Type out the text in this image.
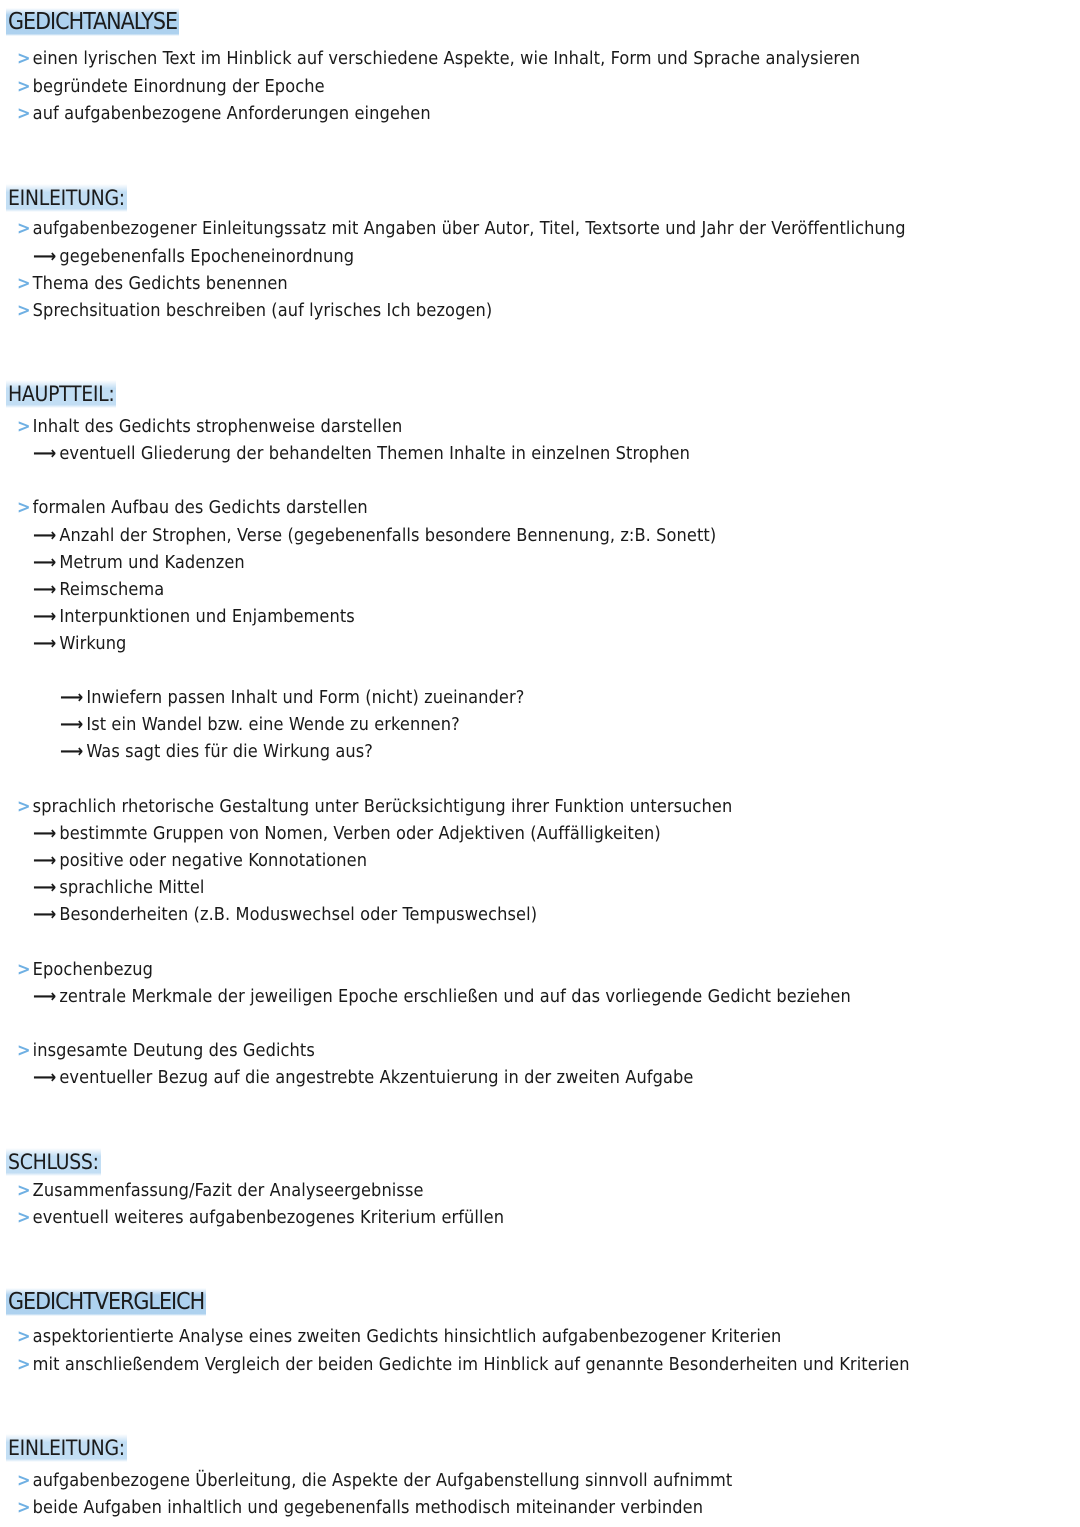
GEDICHTANALYSE
> einen lyrischen Text im Hinblick auf verschiedene Aspekte, wie Inhalt, Form und Sprache analysieren
> begründete Einordnung der Epoche
> auf aufgabenbezogene Anforderungen eingehen
EINLEITUNG:
> aufgabenbezogener Einleitungssatz mit Angaben über Autor, Titel, Textsorte und Jahr der Veröffentlichung
⟶ gegebenenfalls Epocheneinordnung
> Thema des Gedichts benennen
> Sprechsituation beschreiben (auf lyrisches Ich bezogen)
HAUPTTEIL:
> Inhalt des Gedichts strophenweise darstellen
⟶ eventuell Gliederung der behandelten Themen Inhalte in einzelnen Strophen
> formalen Aufbau des Gedichts darstellen
⟶ Anzahl der Strophen, Verse (gegebenenfalls besondere Bennenung, z:B. Sonett)
⟶ Metrum und Kadenzen
⟶ Reimschema
⟶ Interpunktionen und Enjambements
⟶ Wirkung
⟶ Inwiefern passen Inhalt und Form (nicht) zueinander?
⟶ Ist ein Wandel bzw. eine Wende zu erkennen?
⟶ Was sagt dies für die Wirkung aus?
> sprachlich rhetorische Gestaltung unter Berücksichtigung ihrer Funktion untersuchen
⟶ bestimmte Gruppen von Nomen, Verben oder Adjektiven (Auffälligkeiten)
⟶ positive oder negative Konnotationen
⟶ sprachliche Mittel
⟶ Besonderheiten (z.B. Moduswechsel oder Tempuswechsel)
> Epochenbezug
⟶ zentrale Merkmale der jeweiligen Epoche erschließen und auf das vorliegende Gedicht beziehen
> insgesamte Deutung des Gedichts
⟶ eventueller Bezug auf die angestrebte Akzentuierung in der zweiten Aufgabe
SCHLUSS:
> Zusammenfassung/Fazit der Analyseergebnisse
> eventuell weiteres aufgabenbezogenes Kriterium erfüllen
GEDICHTVERGLEICH
> aspektorientierte Analyse eines zweiten Gedichts hinsichtlich aufgabenbezogener Kriterien
> mit anschließendem Vergleich der beiden Gedichte im Hinblick auf genannte Besonderheiten und Kriterien
EINLEITUNG:
> aufgabenbezogene Überleitung, die Aspekte der Aufgabenstellung sinnvoll aufnimmt
> beide Aufgaben inhaltlich und gegebenenfalls methodisch miteinander verbinden
